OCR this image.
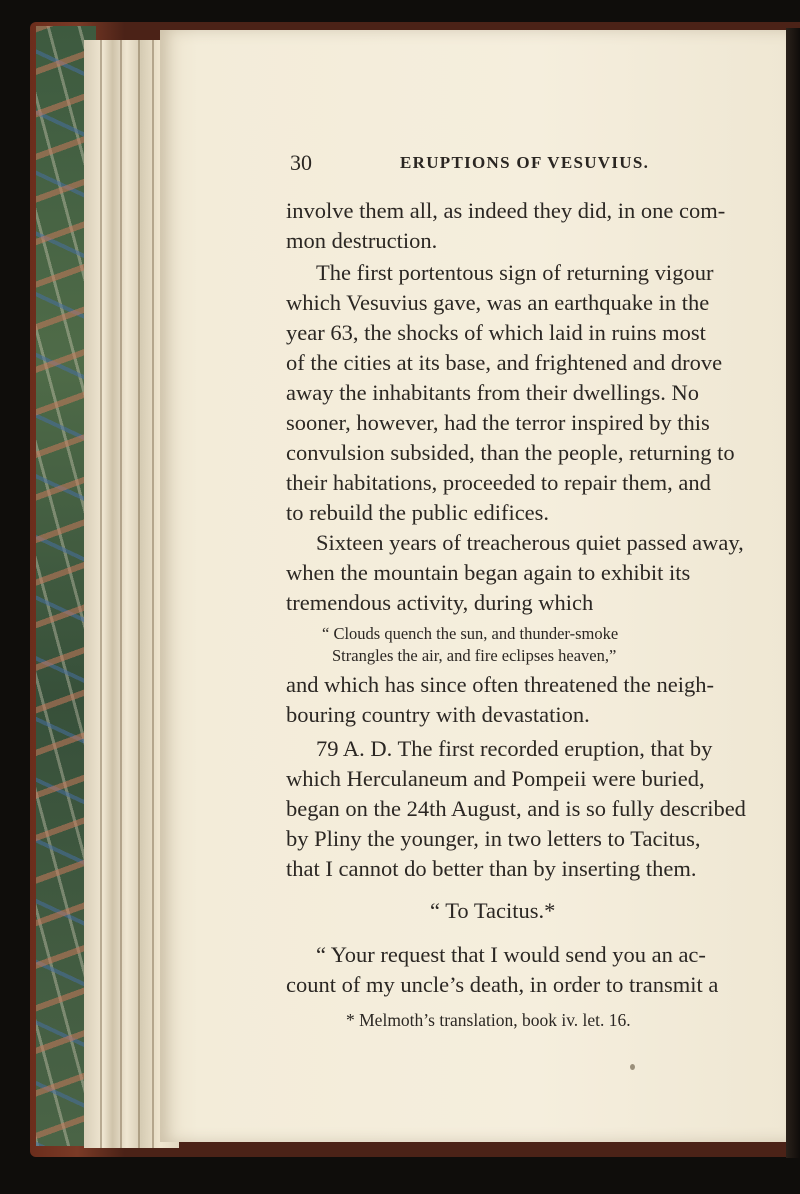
30	ERUPTIONS OF VESUVIUS.
involve them all, as indeed they did, in one com-
mon destruction.
The first portentous sign of returning vigour
which Vesuvius gave, was an earthquake in the
year 63, the shocks of which laid in ruins most
of the cities at its base, and frightened and drove
away the inhabitants from their dwellings. No
sooner, however, had the terror inspired by this
convulsion subsided, than the people, returning to
their habitations, proceeded to repair them, and
to rebuild the public edifices.
Sixteen years of treacherous quiet passed away,
when the mountain began again to exhibit its
tremendous activity, during which
“ Clouds quench the sun, and thunder-smoke
Strangles the air, and fire eclipses heaven,”
and which has since often threatened the neigh-
bouring country with devastation.
79 A. D. The first recorded eruption, that by
which Herculaneum and Pompeii were buried,
began on the 24th August, and is so fully described
by Pliny the younger, in two letters to Tacitus,
that I cannot do better than by inserting them.
“ To Tacitus.*
“ Your request that I would send you an ac-
count of my uncle’s death, in order to transmit a
* Melmoth’s translation, book iv. let. 16.
